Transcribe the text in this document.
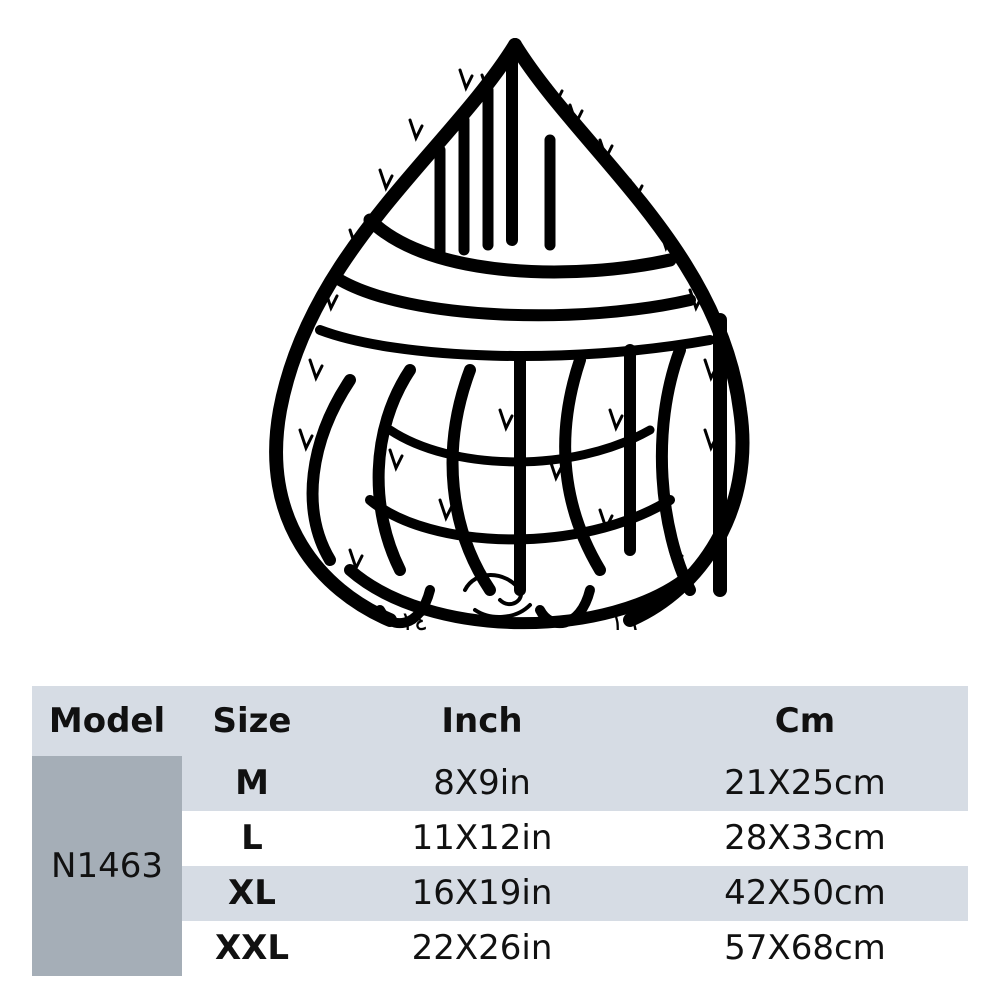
١٤	١٩
Model	Size	Inch	Cm
N1463
M	8X9in	21X25cm
L	11X12in	28X33cm
XL	16X19in	42X50cm
XXL	22X26in	57X68cm
